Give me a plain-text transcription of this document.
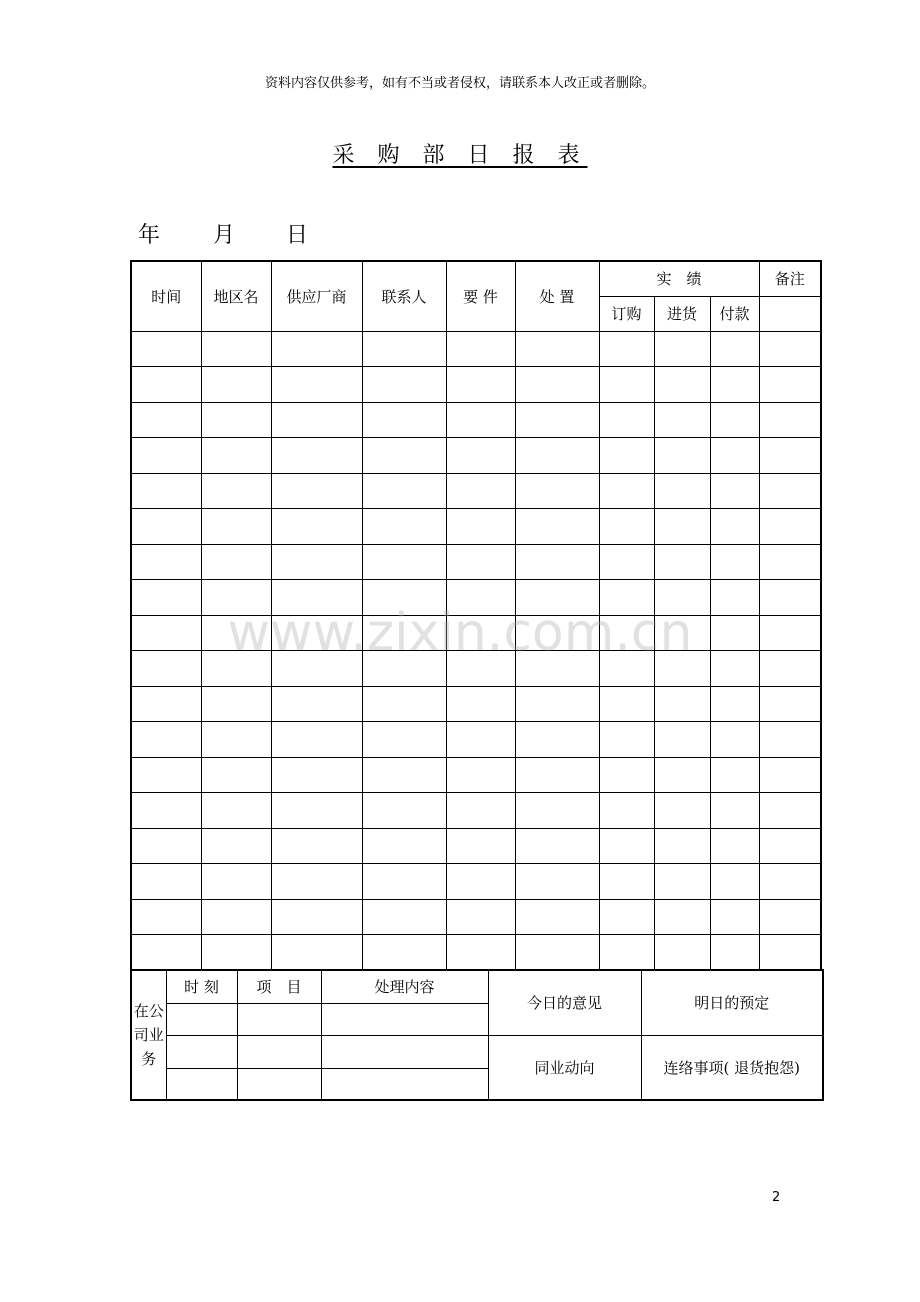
资料内容仅供参考，如有不当或者侵权，请联系本人改正或者删除。
采 购 部 日 报 表
年 月 日
时间	地区名	供应厂商	联系人	要 件	处 置	实　绩			备注
						订购	进货	付款	

在公司业务	时 刻	项　目	处理内容	今日的意见	明日的预定

				同业动向	连络事项( 退货抱怨)

www.zixin.com.cn
2
